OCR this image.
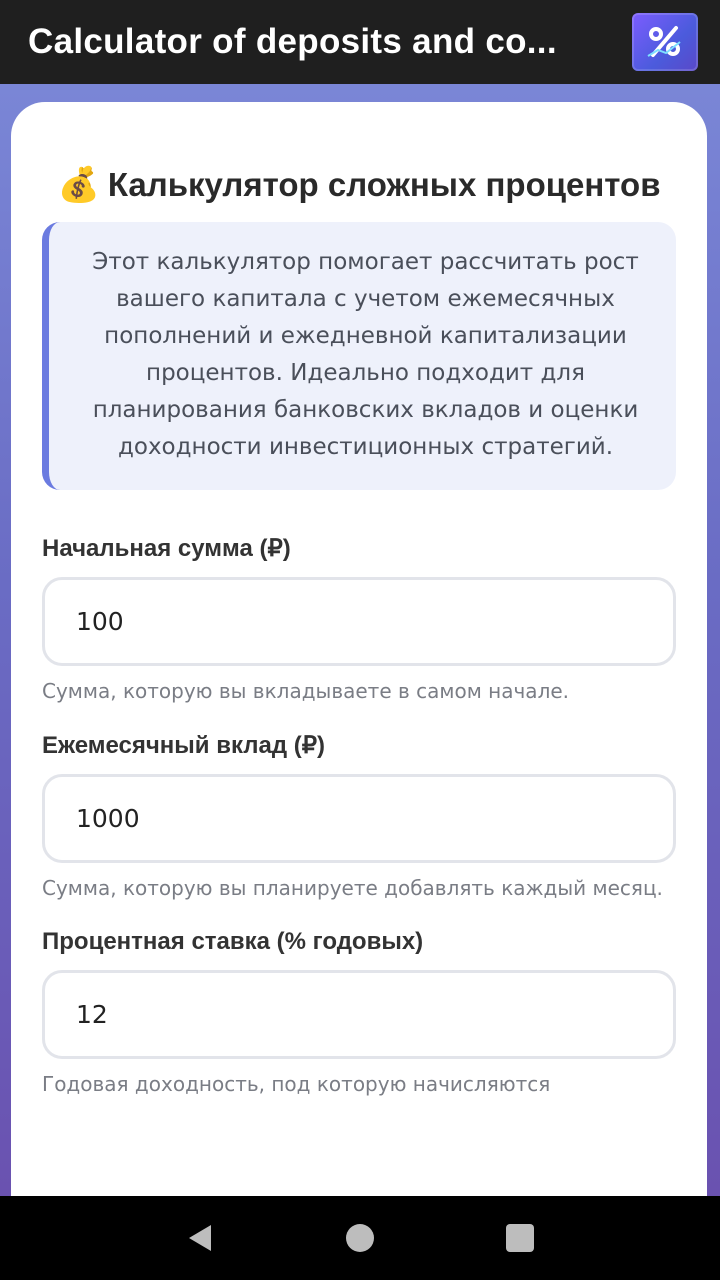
Calculator of deposits and co...
💰 Калькулятор сложных процентов
Этот калькулятор помогает рассчитать рост вашего капитала с учетом ежемесячных пополнений и ежедневной капитализации процентов. Идеально подходит для планирования банковских вкладов и оценки доходности инвестиционных стратегий.
Начальная сумма (₽)
100
Сумма, которую вы вкладываете в самом начале.
Ежемесячный вклад (₽)
1000
Сумма, которую вы планируете добавлять каждый месяц.
Процентная ставка (% годовых)
12
Годовая доходность, под которую начисляются
